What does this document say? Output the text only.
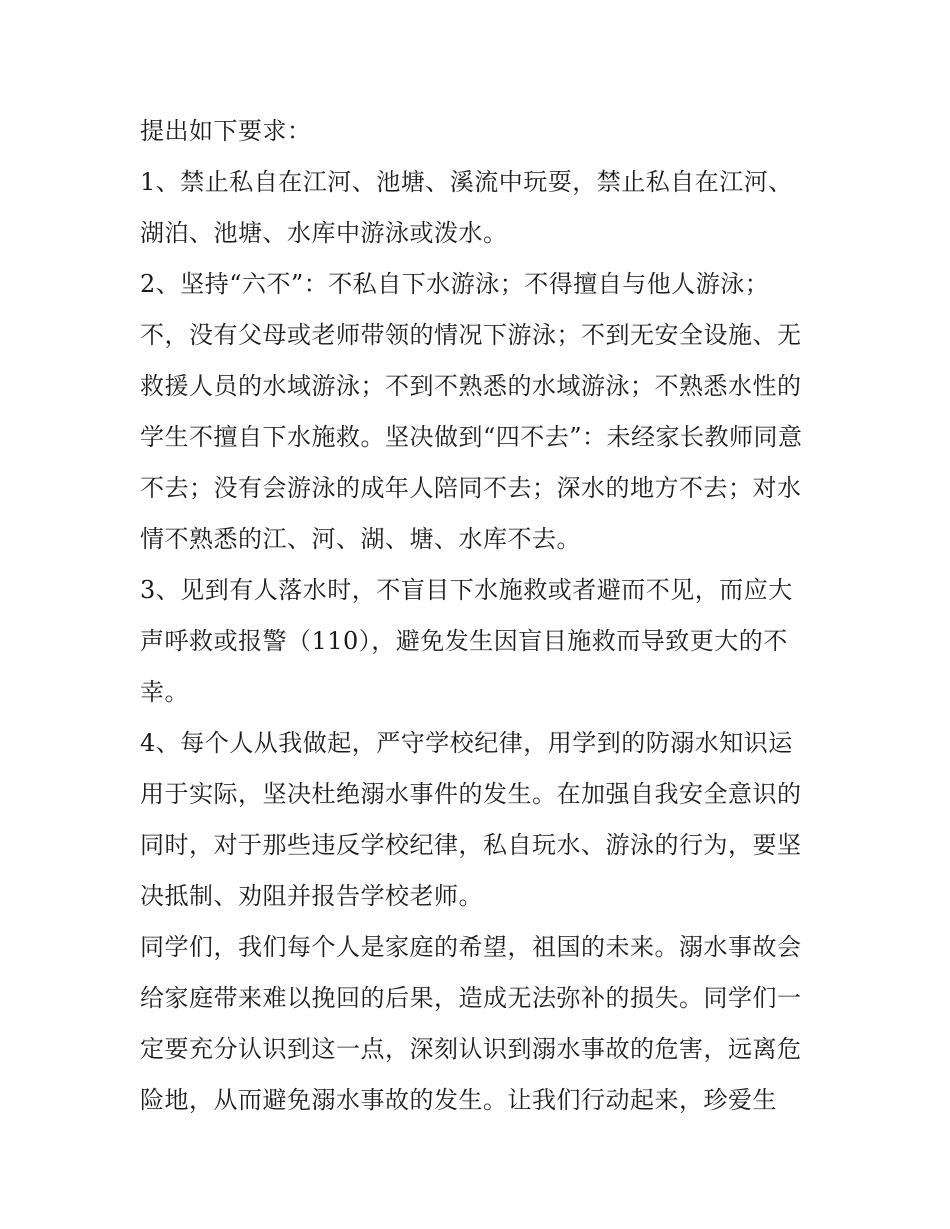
提出如下要求：
1、禁止私自在江河、池塘、溪流中玩耍，禁止私自在江河、
湖泊、池塘、水库中游泳或泼水。
2、坚持“六不”：不私自下水游泳；不得擅自与他人游泳；
不，没有父母或老师带领的情况下游泳；不到无安全设施、无
救援人员的水域游泳；不到不熟悉的水域游泳；不熟悉水性的
学生不擅自下水施救。坚决做到“四不去”：未经家长教师同意
不去；没有会游泳的成年人陪同不去；深水的地方不去；对水
情不熟悉的江、河、湖、塘、水库不去。
3、见到有人落水时，不盲目下水施救或者避而不见，而应大
声呼救或报警（110），避免发生因盲目施救而导致更大的不
幸。
4、每个人从我做起，严守学校纪律，用学到的防溺水知识运
用于实际，坚决杜绝溺水事件的发生。在加强自我安全意识的
同时，对于那些违反学校纪律，私自玩水、游泳的行为，要坚
决抵制、劝阻并报告学校老师。
同学们，我们每个人是家庭的希望，祖国的未来。溺水事故会
给家庭带来难以挽回的后果，造成无法弥补的损失。同学们一
定要充分认识到这一点，深刻认识到溺水事故的危害，远离危
险地，从而避免溺水事故的发生。让我们行动起来，珍爱生
